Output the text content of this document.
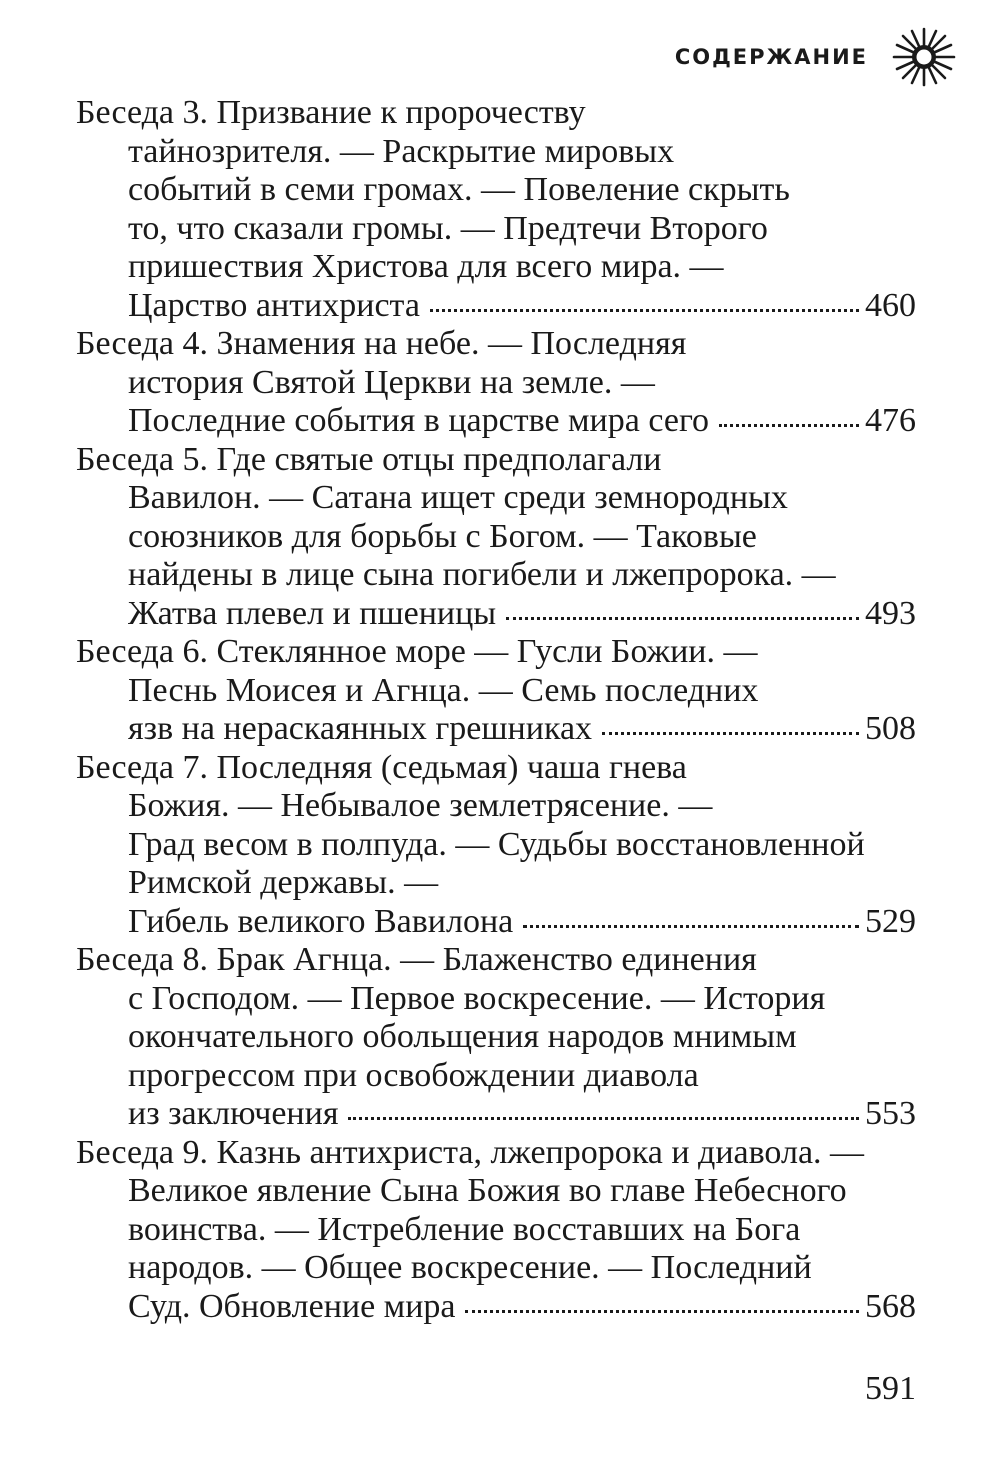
СОДЕРЖАНИЕ
Беседа 3. Призвание к пророчеству
тайнозрителя. — Раскрытие мировых
событий в семи громах. — Повеление скрыть
то, что сказали громы. — Предтечи Второго
пришествия Христова для всего мира. —
Царство антихриста	460
Беседа 4. Знамения на небе. — Последняя
история Святой Церкви на земле. —
Последние события в царстве мира сего	476
Беседа 5. Где святые отцы предполагали
Вавилон. — Сатана ищет среди земнородных
союзников для борьбы с Богом. — Таковые
найдены в лице сына погибели и лжепророка. —
Жатва плевел и пшеницы	493
Беседа 6. Стеклянное море — Гусли Божии. —
Песнь Моисея и Агнца. — Семь последних
язв на нераскаянных грешниках	508
Беседа 7. Последняя (седьмая) чаша гнева
Божия. — Небывалое землетрясение. —
Град весом в полпуда. — Судьбы восстановленной
Римской державы. —
Гибель великого Вавилона	529
Беседа 8. Брак Агнца. — Блаженство единения
с Господом. — Первое воскресение. — История
окончательного обольщения народов мнимым
прогрессом при освобождении диавола
из заключения	553
Беседа 9. Казнь антихриста, лжепророка и диавола. —
Великое явление Сына Божия во главе Небесного
воинства. — Истребление восставших на Бога
народов. — Общее воскресение. — Последний
Суд. Обновление мира	568
591
